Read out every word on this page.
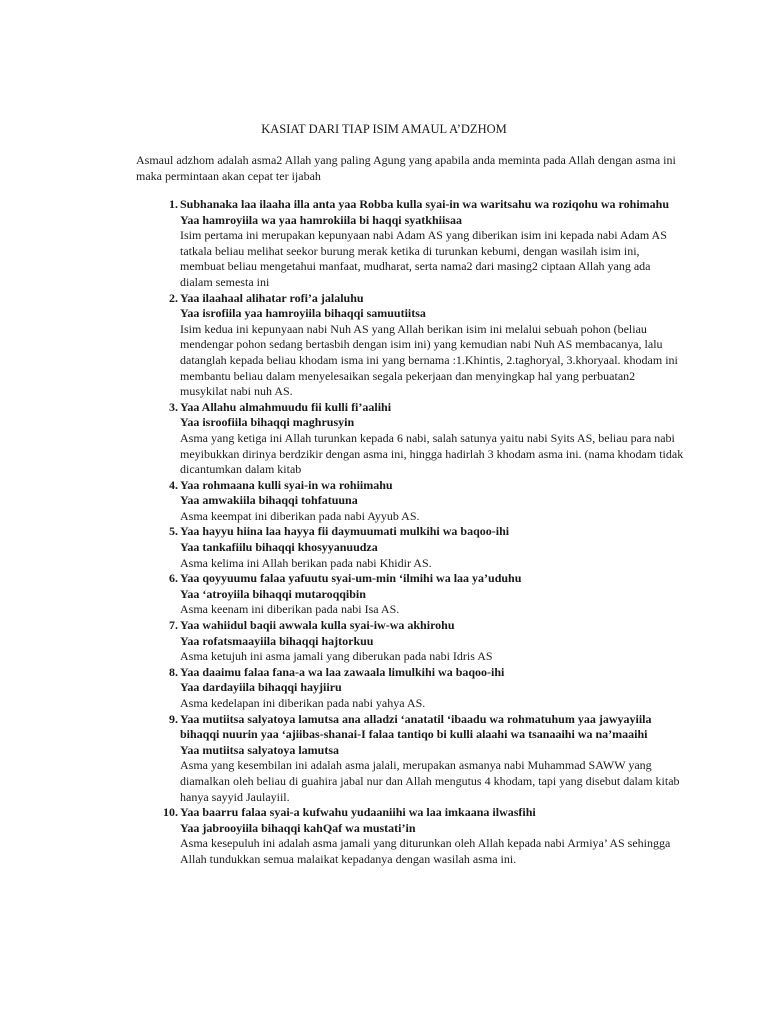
KASIAT DARI TIAP ISIM AMAUL A’DZHOM
Asmaul adzhom adalah asma2 Allah yang paling Agung yang apabila anda meminta pada Allah dengan asma ini maka permintaan akan cepat ter ijabah
1. Subhanaka laa ilaaha illa anta yaa Robba kulla syai-in wa waritsahu wa roziqohu wa rohimahu
Yaa hamroyiila wa yaa hamrokiila bi haqqi syatkhiisaa
Isim pertama ini merupakan kepunyaan nabi Adam AS yang diberikan isim ini kepada nabi Adam AS tatkala beliau melihat seekor burung merak ketika di turunkan kebumi, dengan wasilah isim ini, membuat beliau mengetahui manfaat, mudharat, serta nama2 dari masing2 ciptaan Allah yang ada dialam semesta ini
2. Yaa ilaahaal alihatar rofi’a jalaluhu
Yaa isrofiila yaa hamroyiila bihaqqi samuutiitsa
Isim kedua ini kepunyaan nabi Nuh AS yang Allah berikan isim ini melalui sebuah pohon (beliau mendengar pohon sedang bertasbih dengan isim ini) yang kemudian nabi Nuh AS membacanya, lalu datanglah kepada beliau khodam isma ini yang bernama :1.Khintis, 2.taghoryal, 3.khoryaal. khodam ini membantu beliau dalam menyelesaikan segala pekerjaan dan menyingkap hal yang perbuatan2 musykilat nabi nuh AS.
3. Yaa Allahu almahmuudu fii kulli fi’aalihi
Yaa isroofiila bihaqqi maghrusyin
Asma yang ketiga ini Allah turunkan kepada 6 nabi, salah satunya yaitu nabi Syits AS, beliau para nabi meyibukkan dirinya berdzikir dengan asma ini, hingga hadirlah 3 khodam asma ini. (nama khodam tidak dicantumkan dalam kitab
4. Yaa rohmaana kulli syai-in wa rohiimahu
Yaa amwakiila bihaqqi tohfatuuna
Asma keempat ini diberikan pada nabi Ayyub AS.
5. Yaa hayyu hiina laa hayya fii daymuumati mulkihi wa baqoo-ihi
Yaa tankafiilu bihaqqi khosyyanuudza
Asma kelima ini Allah berikan pada nabi Khidir AS.
6. Yaa qoyyuumu falaa yafuutu syai-um-min ‘ilmihi wa laa ya’uduhu
Yaa ‘atroyiila bihaqqi mutaroqqibin
Asma keenam ini diberikan pada nabi Isa AS.
7. Yaa wahiidul baqii awwala kulla syai-iw-wa akhirohu
Yaa rofatsmaayiila bihaqqi hajtorkuu
Asma ketujuh ini asma jamali yang diberukan pada nabi Idris AS
8. Yaa daaimu falaa fana-a wa laa zawaala limulkihi wa baqoo-ihi
Yaa dardayiila bihaqqi hayjiiru
Asma kedelapan ini diberikan pada nabi yahya AS.
9. Yaa mutiitsa salyatoya lamutsa ana alladzi ‘anatatil ‘ibaadu wa rohmatuhum yaa jawyayiila bihaqqi nuurin yaa ‘ajiibas-shanai-I falaa tantiqo bi kulli alaahi wa tsanaaihi wa na’maaihi
Yaa mutiitsa salyatoya lamutsa
Asma yang kesembilan ini adalah asma jalali, merupakan asmanya nabi Muhammad SAWW yang diamalkan oleh beliau di guahira jabal nur dan Allah mengutus 4 khodam, tapi yang disebut dalam kitab hanya sayyid Jaulayiil.
10. Yaa baarru falaa syai-a kufwahu yudaaniihi wa laa imkaana ilwasfihi
Yaa jabrooyiila bihaqqi kahQaf wa mustati’in
Asma kesepuluh ini adalah asma jamali yang diturunkan oleh Allah kepada nabi Armiya’ AS sehingga Allah tundukkan semua malaikat kepadanya dengan wasilah asma ini.
